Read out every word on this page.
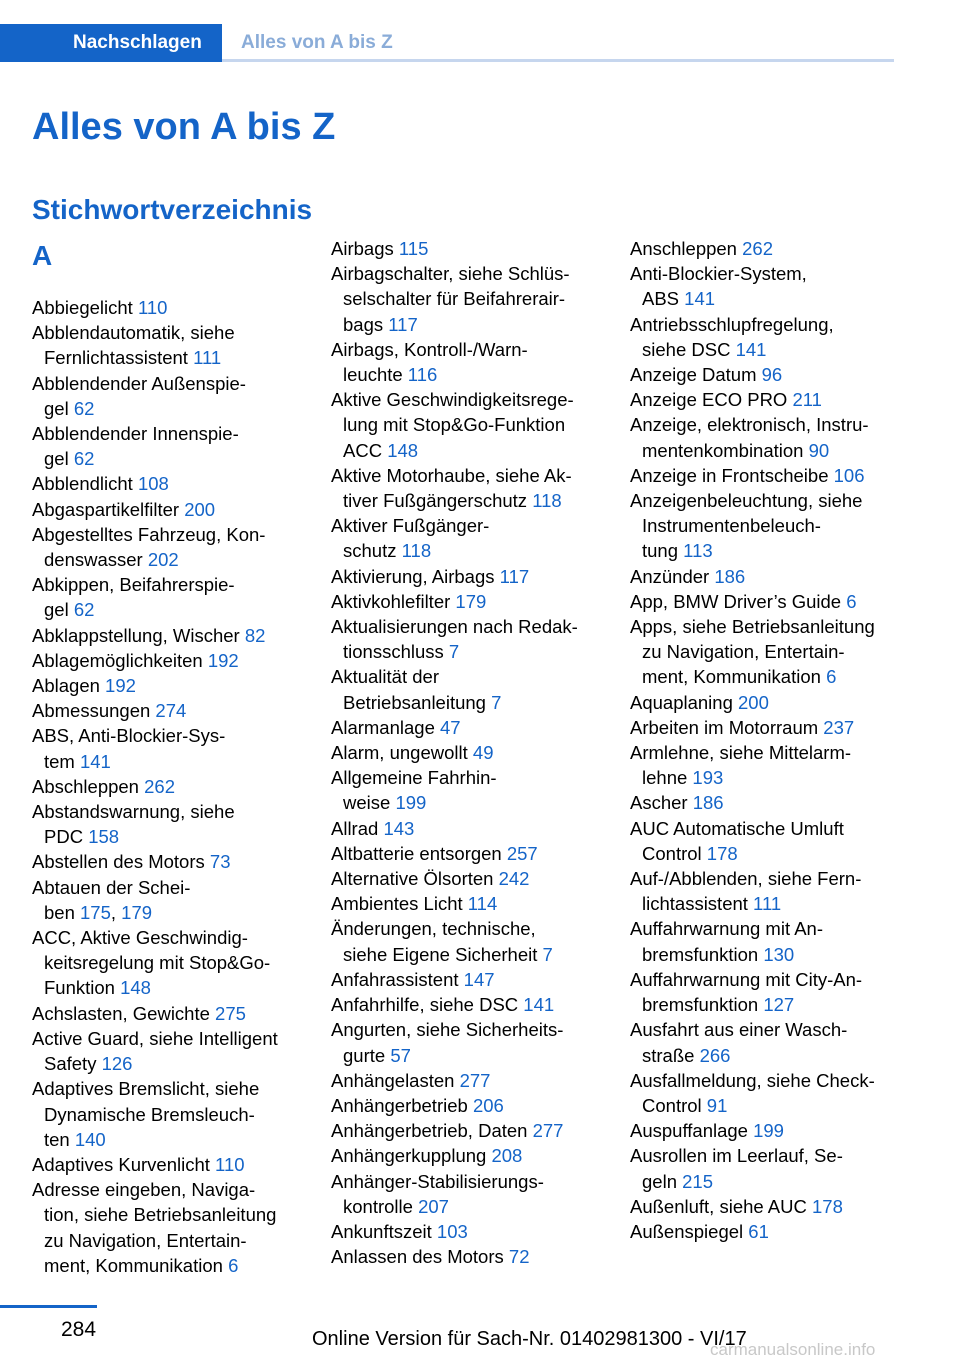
Nachschlagen	Alles von A bis Z
Alles von A bis Z
Stichwortverzeichnis
A

Abbiegelicht 110

Abblendautomatik, siehe
Fernlichtassistent 111

Abblendender Außenspie-
gel 62

Abblendender Innenspie-
gel 62

Abblendlicht 108

Abgaspartikelfilter 200

Abgestelltes Fahrzeug, Kon-
denswasser 202

Abkippen, Beifahrerspie-
gel 62

Abklappstellung, Wischer 82

Ablagemöglichkeiten 192

Ablagen 192

Abmessungen 274

ABS, Anti-Blockier-Sys-
tem 141

Abschleppen 262

Abstandswarnung, siehe
PDC 158

Abstellen des Motors 73

Abtauen der Schei-
ben 175, 179

ACC, Aktive Geschwindig-
keitsregelung mit Stop&Go-
Funktion 148

Achslasten, Gewichte 275

Active Guard, siehe Intelligent
Safety 126

Adaptives Bremslicht, siehe
Dynamische Bremsleuch-
ten 140

Adaptives Kurvenlicht 110

Adresse eingeben, Naviga-
tion, siehe Betriebsanleitung
zu Navigation, Entertain-
ment, Kommunikation 6

Airbags 115

Airbagschalter, siehe Schlüs-
selschalter für Beifahrerair-
bags 117

Airbags, Kontroll-/Warn-
leuchte 116

Aktive Geschwindigkeitsrege-
lung mit Stop&Go-Funktion
ACC 148

Aktive Motorhaube, siehe Ak-
tiver Fußgängerschutz 118

Aktiver Fußgänger-
schutz 118

Aktivierung, Airbags 117

Aktivkohlefilter 179

Aktualisierungen nach Redak-
tionsschluss 7

Aktualität der
Betriebsanleitung 7

Alarmanlage 47

Alarm, ungewollt 49

Allgemeine Fahrhin-
weise 199

Allrad 143

Altbatterie entsorgen 257

Alternative Ölsorten 242

Ambientes Licht 114

Änderungen, technische,
siehe Eigene Sicherheit 7

Anfahrassistent 147

Anfahrhilfe, siehe DSC 141

Angurten, siehe Sicherheits-
gurte 57

Anhängelasten 277

Anhängerbetrieb 206

Anhängerbetrieb, Daten 277

Anhängerkupplung 208

Anhänger-Stabilisierungs-
kontrolle 207

Ankunftszeit 103

Anlassen des Motors 72

Anschleppen 262

Anti-Blockier-System,
ABS 141

Antriebsschlupfregelung,
siehe DSC 141

Anzeige Datum 96

Anzeige ECO PRO 211

Anzeige, elektronisch, Instru-
mentenkombination 90

Anzeige in Frontscheibe 106

Anzeigenbeleuchtung, siehe
Instrumentenbeleuch-
tung 113

Anzünder 186

App, BMW Driver’s Guide 6

Apps, siehe Betriebsanleitung
zu Navigation, Entertain-
ment, Kommunikation 6

Aquaplaning 200

Arbeiten im Motorraum 237

Armlehne, siehe Mittelarm-
lehne 193

Ascher 186

AUC Automatische Umluft
Control 178

Auf-/Abblenden, siehe Fern-
lichtassistent 111

Auffahrwarnung mit An-
bremsfunktion 130

Auffahrwarnung mit City-An-
bremsfunktion 127

Ausfahrt aus einer Wasch-
straße 266

Ausfallmeldung, siehe Check-
Control 91

Auspuffanlage 199

Ausrollen im Leerlauf, Se-
geln 215

Außenluft, siehe AUC 178

Außenspiegel 61

284	Online Version für Sach-Nr. 01402981300 - VI/17
carmanualsonline.info
